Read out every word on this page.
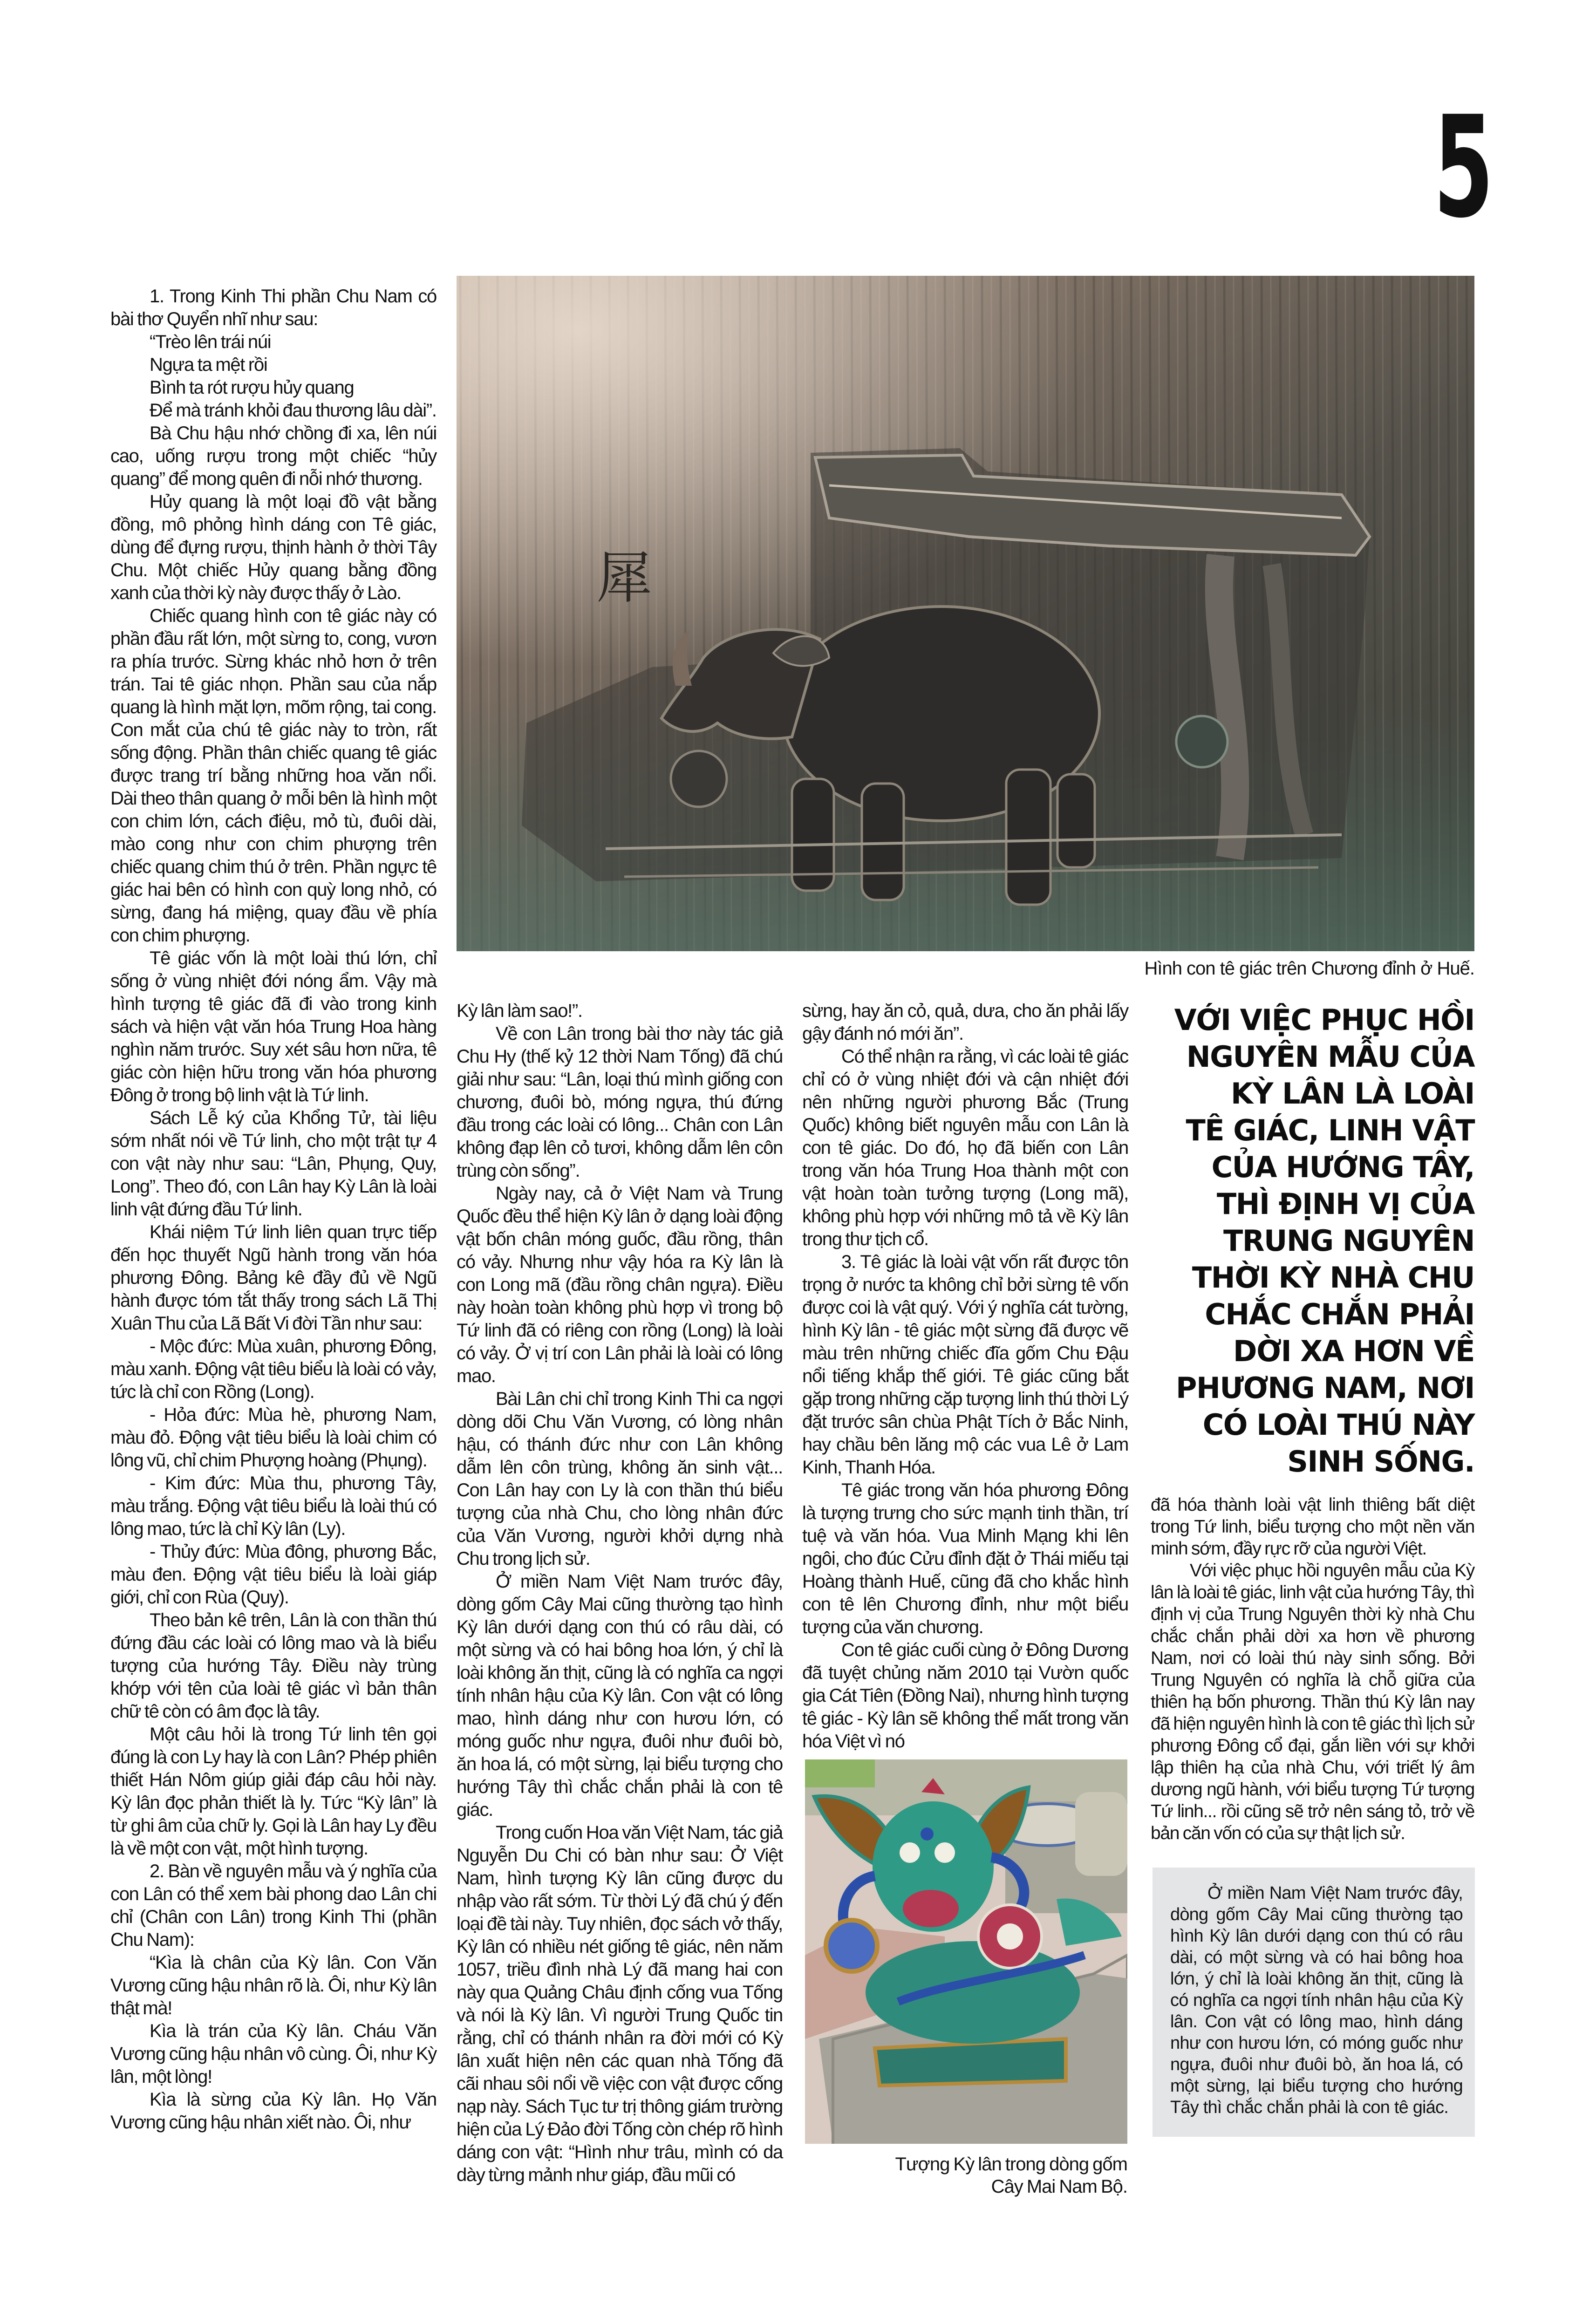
5

1. Trong Kinh Thi phần Chu Nam có bài thơ Quyển nhĩ như sau:

“Trèo lên trái núi

Ngựa ta mệt rồi

Bình ta rót rượu hủy quang

Để mà tránh khỏi đau thương lâu dài”.

Bà Chu hậu nhớ chồng đi xa, lên núi cao, uống rượu trong một chiếc “hủy quang” để mong quên đi nỗi nhớ thương.

Hủy quang là một loại đồ vật bằng đồng, mô phỏng hình dáng con Tê giác, dùng để đựng rượu, thịnh hành ở thời Tây Chu. Một chiếc Hủy quang bằng đồng xanh của thời kỳ này được thấy ở Lào.

Chiếc quang hình con tê giác này có phần đầu rất lớn, một sừng to, cong, vươn ra phía trước. Sừng khác nhỏ hơn ở trên trán. Tai tê giác nhọn. Phần sau của nắp quang là hình mặt lợn, mõm rộng, tai cong. Con mắt của chú tê giác này to tròn, rất sống động. Phần thân chiếc quang tê giác được trang trí bằng những hoa văn nổi. Dài theo thân quang ở mỗi bên là hình một con chim lớn, cách điệu, mỏ tù, đuôi dài, mào cong như con chim phượng trên chiếc quang chim thú ở trên. Phần ngực tê giác hai bên có hình con quỳ long nhỏ, có sừng, đang há miệng, quay đầu về phía con chim phượng.

Tê giác vốn là một loài thú lớn, chỉ sống ở vùng nhiệt đới nóng ẩm. Vậy mà hình tượng tê giác đã đi vào trong kinh sách và hiện vật văn hóa Trung Hoa hàng nghìn năm trước. Suy xét sâu hơn nữa, tê giác còn hiện hữu trong văn hóa phương Đông ở trong bộ linh vật là Tứ linh.

Sách Lễ ký của Khổng Tử, tài liệu sớm nhất nói về Tứ linh, cho một trật tự 4 con vật này như sau: “Lân, Phụng, Quy, Long”. Theo đó, con Lân hay Kỳ Lân là loài linh vật đứng đầu Tứ linh.

Khái niệm Tứ linh liên quan trực tiếp đến học thuyết Ngũ hành trong văn hóa phương Đông. Bảng kê đầy đủ về Ngũ hành được tóm tắt thấy trong sách Lã Thị Xuân Thu của Lã Bất Vi đời Tần như sau:

- Mộc đức: Mùa xuân, phương Đông, màu xanh. Động vật tiêu biểu là loài có vảy, tức là chỉ con Rồng (Long).

- Hỏa đức: Mùa hè, phương Nam, màu đỏ. Động vật tiêu biểu là loài chim có lông vũ, chỉ chim Phượng hoàng (Phụng).

- Kim đức: Mùa thu, phương Tây, màu trắng. Động vật tiêu biểu là loài thú có lông mao, tức là chỉ Kỳ lân (Ly).

- Thủy đức: Mùa đông, phương Bắc, màu đen. Động vật tiêu biểu là loài giáp giới, chỉ con Rùa (Quy).

Theo bản kê trên, Lân là con thần thú đứng đầu các loài có lông mao và là biểu tượng của hướng Tây. Điều này trùng khớp với tên của loài tê giác vì bản thân chữ tê còn có âm đọc là tây.

Một câu hỏi là trong Tứ linh tên gọi đúng là con Ly hay là con Lân? Phép phiên thiết Hán Nôm giúp giải đáp câu hỏi này. Kỳ lân đọc phản thiết là ly. Tức “Kỳ lân” là từ ghi âm của chữ ly. Gọi là Lân hay Ly đều là về một con vật, một hình tượng.

2. Bàn về nguyên mẫu và ý nghĩa của con Lân có thể xem bài phong dao Lân chi chỉ (Chân con Lân) trong Kinh Thi (phần Chu Nam):

“Kìa là chân của Kỳ lân. Con Văn Vương cũng hậu nhân rõ là. Ôi, như Kỳ lân thật mà!

Kìa là trán của Kỳ lân. Cháu Văn Vương cũng hậu nhân vô cùng. Ôi, như Kỳ lân, một lòng!

Kìa là sừng của Kỳ lân. Họ Văn Vương cũng hậu nhân xiết nào. Ôi, như

Kỳ lân làm sao!”.

Về con Lân trong bài thơ này tác giả Chu Hy (thế kỷ 12 thời Nam Tống) đã chú giải như sau: “Lân, loại thú mình giống con chương, đuôi bò, móng ngựa, thú đứng đầu trong các loài có lông... Chân con Lân không đạp lên cỏ tươi, không dẫm lên côn trùng còn sống”.

Ngày nay, cả ở Việt Nam và Trung Quốc đều thể hiện Kỳ lân ở dạng loài động vật bốn chân móng guốc, đầu rồng, thân có vảy. Nhưng như vậy hóa ra Kỳ lân là con Long mã (đầu rồng chân ngựa). Điều này hoàn toàn không phù hợp vì trong bộ Tứ linh đã có riêng con rồng (Long) là loài có vảy. Ở vị trí con Lân phải là loài có lông mao.

Bài Lân chi chỉ trong Kinh Thi ca ngợi dòng dõi Chu Văn Vương, có lòng nhân hậu, có thánh đức như con Lân không dẫm lên côn trùng, không ăn sinh vật... Con Lân hay con Ly là con thần thú biểu tượng của nhà Chu, cho lòng nhân đức của Văn Vương, người khởi dựng nhà Chu trong lịch sử.

Ở miền Nam Việt Nam trước đây, dòng gốm Cây Mai cũng thường tạo hình Kỳ lân dưới dạng con thú có râu dài, có một sừng và có hai bông hoa lớn, ý chỉ là loài không ăn thịt, cũng là có nghĩa ca ngợi tính nhân hậu của Kỳ lân. Con vật có lông mao, hình dáng như con hươu lớn, có móng guốc như ngựa, đuôi như đuôi bò, ăn hoa lá, có một sừng, lại biểu tượng cho hướng Tây thì chắc chắn phải là con tê giác.

Trong cuốn Hoa văn Việt Nam, tác giả Nguyễn Du Chi có bàn như sau: Ở Việt Nam, hình tượng Kỳ lân cũng được du nhập vào rất sớm. Từ thời Lý đã chú ý đến loại đề tài này. Tuy nhiên, đọc sách vở thấy, Kỳ lân có nhiều nét giống tê giác, nên năm 1057, triều đình nhà Lý đã mang hai con này qua Quảng Châu định cống vua Tống và nói là Kỳ lân. Vì người Trung Quốc tin rằng, chỉ có thánh nhân ra đời mới có Kỳ lân xuất hiện nên các quan nhà Tống đã cãi nhau sôi nổi về việc con vật được cống nạp này. Sách Tục tư trị thông giám trường hiện của Lý Đảo đời Tống còn chép rõ hình dáng con vật: “Hình như trâu, mình có da dày từng mảnh như giáp, đầu mũi có

sừng, hay ăn cỏ, quả, dưa, cho ăn phải lấy gậy đánh nó mới ăn”.

Có thể nhận ra rằng, vì các loài tê giác chỉ có ở vùng nhiệt đới và cận nhiệt đới nên những người phương Bắc (Trung Quốc) không biết nguyên mẫu con Lân là con tê giác. Do đó, họ đã biến con Lân trong văn hóa Trung Hoa thành một con vật hoàn toàn tưởng tượng (Long mã), không phù hợp với những mô tả về Kỳ lân trong thư tịch cổ.

3. Tê giác là loài vật vốn rất được tôn trọng ở nước ta không chỉ bởi sừng tê vốn được coi là vật quý. Với ý nghĩa cát tường, hình Kỳ lân - tê giác một sừng đã được vẽ màu trên những chiếc đĩa gốm Chu Đậu nổi tiếng khắp thế giới. Tê giác cũng bắt gặp trong những cặp tượng linh thú thời Lý đặt trước sân chùa Phật Tích ở Bắc Ninh, hay chầu bên lăng mộ các vua Lê ở Lam Kinh, Thanh Hóa.

Tê giác trong văn hóa phương Đông là tượng trưng cho sức mạnh tinh thần, trí tuệ và văn hóa. Vua Minh Mạng khi lên ngôi, cho đúc Cửu đỉnh đặt ở Thái miếu tại Hoàng thành Huế, cũng đã cho khắc hình con tê lên Chương đỉnh, như một biểu tượng của văn chương.

Con tê giác cuối cùng ở Đông Dương đã tuyệt chủng năm 2010 tại Vườn quốc gia Cát Tiên (Đồng Nai), nhưng hình tượng tê giác - Kỳ lân sẽ không thể mất trong văn hóa Việt vì nó

Tượng Kỳ lân trong dòng gốm
Cây Mai Nam Bộ.
犀
Hình con tê giác trên Chương đỉnh ở Huế.
VỚI VIỆC PHỤC HỒI
NGUYÊN MẪU CỦA
KỲ LÂN LÀ LOÀI
TÊ GIÁC, LINH VẬT
CỦA HƯỚNG TÂY,
THÌ ĐỊNH VỊ CỦA
TRUNG NGUYÊN
THỜI KỲ NHÀ CHU
CHẮC CHẮN PHẢI
DỜI XA HƠN VỀ
PHƯƠNG NAM, NƠI
CÓ LOÀI THÚ NÀY
SINH SỐNG.

đã hóa thành loài vật linh thiêng bất diệt trong Tứ linh, biểu tượng cho một nền văn minh sớm, đầy rực rỡ của người Việt.

Với việc phục hồi nguyên mẫu của Kỳ lân là loài tê giác, linh vật của hướng Tây, thì định vị của Trung Nguyên thời kỳ nhà Chu chắc chắn phải dời xa hơn về phương Nam, nơi có loài thú này sinh sống. Bởi Trung Nguyên có nghĩa là chỗ giữa của thiên hạ bốn phương. Thần thú Kỳ lân nay đã hiện nguyên hình là con tê giác thì lịch sử phương Đông cổ đại, gắn liền với sự khởi lập thiên hạ của nhà Chu, với triết lý âm dương ngũ hành, với biểu tượng Tứ tượng Tứ linh... rồi cũng sẽ trở nên sáng tỏ, trở về bản căn vốn có của sự thật lịch sử.

Ở miền Nam Việt Nam trước đây, dòng gốm Cây Mai cũng thường tạo hình Kỳ lân dưới dạng con thú có râu dài, có một sừng và có hai bông hoa lớn, ý chỉ là loài không ăn thịt, cũng là có nghĩa ca ngợi tính nhân hậu của Kỳ lân. Con vật có lông mao, hình dáng như con hươu lớn, có móng guốc như ngựa, đuôi như đuôi bò, ăn hoa lá, có một sừng, lại biểu tượng cho hướng Tây thì chắc chắn phải là con tê giác.
